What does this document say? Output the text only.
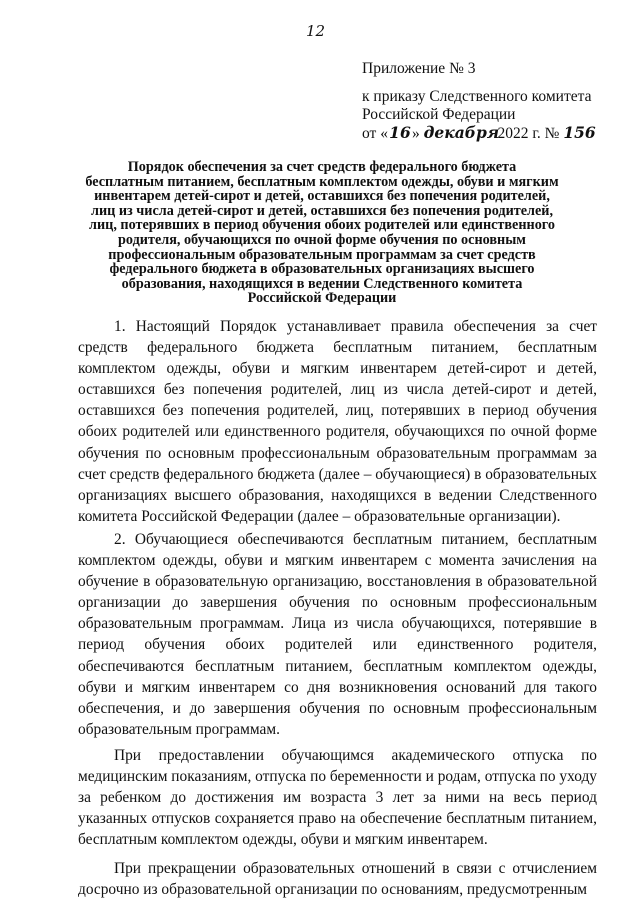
12
Приложение № 3
к приказу Следственного комитета
Российской Федерации
от «16» декабря 2022 г. № 156
Порядок обеспечения за счет средств федерального бюджета
бесплатным питанием, бесплатным комплектом одежды, обуви и мягким
инвентарем детей-сирот и детей, оставшихся без попечения родителей,
лиц из числа детей-сирот и детей, оставшихся без попечения родителей,
лиц, потерявших в период обучения обоих родителей или единственного
родителя, обучающихся по очной форме обучения по основным
профессиональным образовательным программам за счет средств
федерального бюджета в образовательных организациях высшего
образования, находящихся в ведении Следственного комитета
Российской Федерации

1. Настоящий Порядок устанавливает правила обеспечения за счет средств федерального бюджета бесплатным питанием, бесплатным комплектом одежды, обуви и мягким инвентарем детей-сирот и детей, оставшихся без попечения родителей, лиц из числа детей-сирот и детей, оставшихся без попечения родителей, лиц, потерявших в период обучения обоих родителей или единственного родителя, обучающихся по очной форме обучения по основным профессиональным образовательным программам за счет средств федерального бюджета (далее – обучающиеся) в образовательных организациях высшего образования, находящихся в ведении Следственного комитета Российской Федерации (далее – образовательные организации).

2. Обучающиеся обеспечиваются бесплатным питанием, бесплатным комплектом одежды, обуви и мягким инвентарем с момента зачисления на обучение в образовательную организацию, восстановления в образовательной организации до завершения обучения по основным профессиональным образовательным программам. Лица из числа обучающихся, потерявшие в период обучения обоих родителей или единственного родителя, обеспечиваются бесплатным питанием, бесплатным комплектом одежды, обуви и мягким инвентарем со дня возникновения оснований для такого обеспечения, и до завершения обучения по основным профессиональным образовательным программам.

При предоставлении обучающимся академического отпуска по медицинским показаниям, отпуска по беременности и родам, отпуска по уходу за ребенком до достижения им возраста 3 лет за ними на весь период указанных отпусков сохраняется право на обеспечение бесплатным питанием, бесплатным комплектом одежды, обуви и мягким инвентарем.

При прекращении образовательных отношений в связи с отчислением досрочно из образовательной организации по основаниям, предусмотренным
